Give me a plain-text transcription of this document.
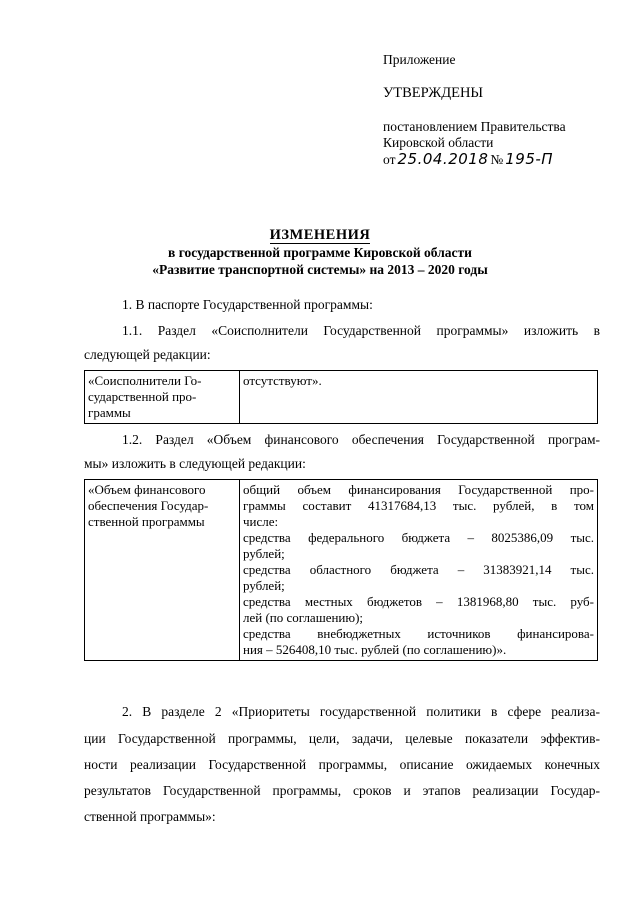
Приложение
УТВЕРЖДЕНЫ
постановлением Правительства
Кировской области
от 25.04.2018 № 195-П
ИЗМЕНЕНИЯ
в государственной программе Кировской области
«Развитие транспортной системы» на 2013 – 2020 годы
1. В паспорте Государственной программы:
1.1. Раздел «Соисполнители Государственной программы» изложить в
следующей редакции:
«Соисполнители Го-
сударственной про-
граммы
	отсутствуют».
1.2. Раздел «Объем финансового обеспечения Государственной програм-
мы» изложить в следующей редакции:
«Объем финансового
обеспечения Государ-
ственной программы

общий объем финансирования Государственной про-
граммы составит 41317684,13 тыс. рублей, в том
числе:
средства федерального бюджета – 8025386,09 тыс.
рублей;
средства областного бюджета – 31383921,14 тыс.
рублей;
средства местных бюджетов – 1381968,80 тыс. руб-
лей (по соглашению);
средства внебюджетных источников финансирова-
ния – 526408,10 тыс. рублей (по соглашению)».
2. В разделе 2 «Приоритеты государственной политики в сфере реализа-
ции Государственной программы, цели, задачи, целевые показатели эффектив-
ности реализации Государственной программы, описание ожидаемых конечных
результатов Государственной программы, сроков и этапов реализации Государ-
ственной программы»:
